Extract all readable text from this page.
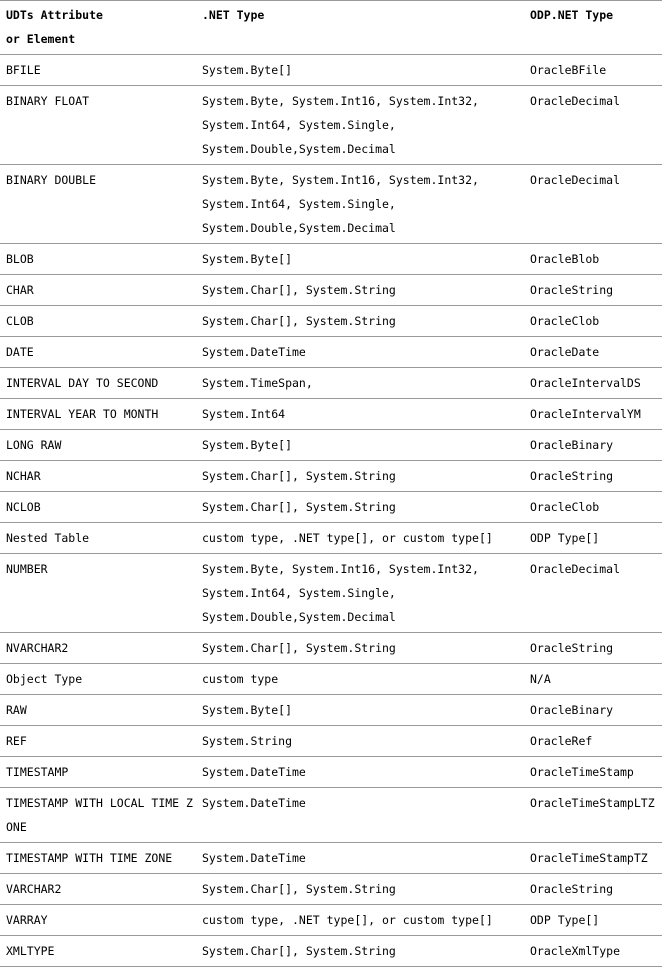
UDTs Attribute
or Element	.NET Type	ODP.NET Type
BFILE	System.Byte[]	OracleBFile
BINARY FLOAT	System.Byte, System.Int16, System.Int32,
System.Int64, System.Single,
System.Double,System.Decimal	OracleDecimal
BINARY DOUBLE	System.Byte, System.Int16, System.Int32,
System.Int64, System.Single,
System.Double,System.Decimal	OracleDecimal
BLOB	System.Byte[]	OracleBlob
CHAR	System.Char[], System.String	OracleString
CLOB	System.Char[], System.String	OracleClob
DATE	System.DateTime	OracleDate
INTERVAL DAY TO SECOND	System.TimeSpan,	OracleIntervalDS
INTERVAL YEAR TO MONTH	System.Int64	OracleIntervalYM
LONG RAW	System.Byte[]	OracleBinary
NCHAR	System.Char[], System.String	OracleString
NCLOB	System.Char[], System.String	OracleClob
Nested Table	custom type, .NET type[], or custom type[]	ODP Type[]
NUMBER	System.Byte, System.Int16, System.Int32,
System.Int64, System.Single,
System.Double,System.Decimal	OracleDecimal
NVARCHAR2	System.Char[], System.String	OracleString
Object Type	custom type	N/A
RAW	System.Byte[]	OracleBinary
REF	System.String	OracleRef
TIMESTAMP	System.DateTime	OracleTimeStamp
TIMESTAMP WITH LOCAL TIME Z
ONE	System.DateTime	OracleTimeStampLTZ
TIMESTAMP WITH TIME ZONE	System.DateTime	OracleTimeStampTZ
VARCHAR2	System.Char[], System.String	OracleString
VARRAY	custom type, .NET type[], or custom type[]	ODP Type[]
XMLTYPE	System.Char[], System.String	OracleXmlType
